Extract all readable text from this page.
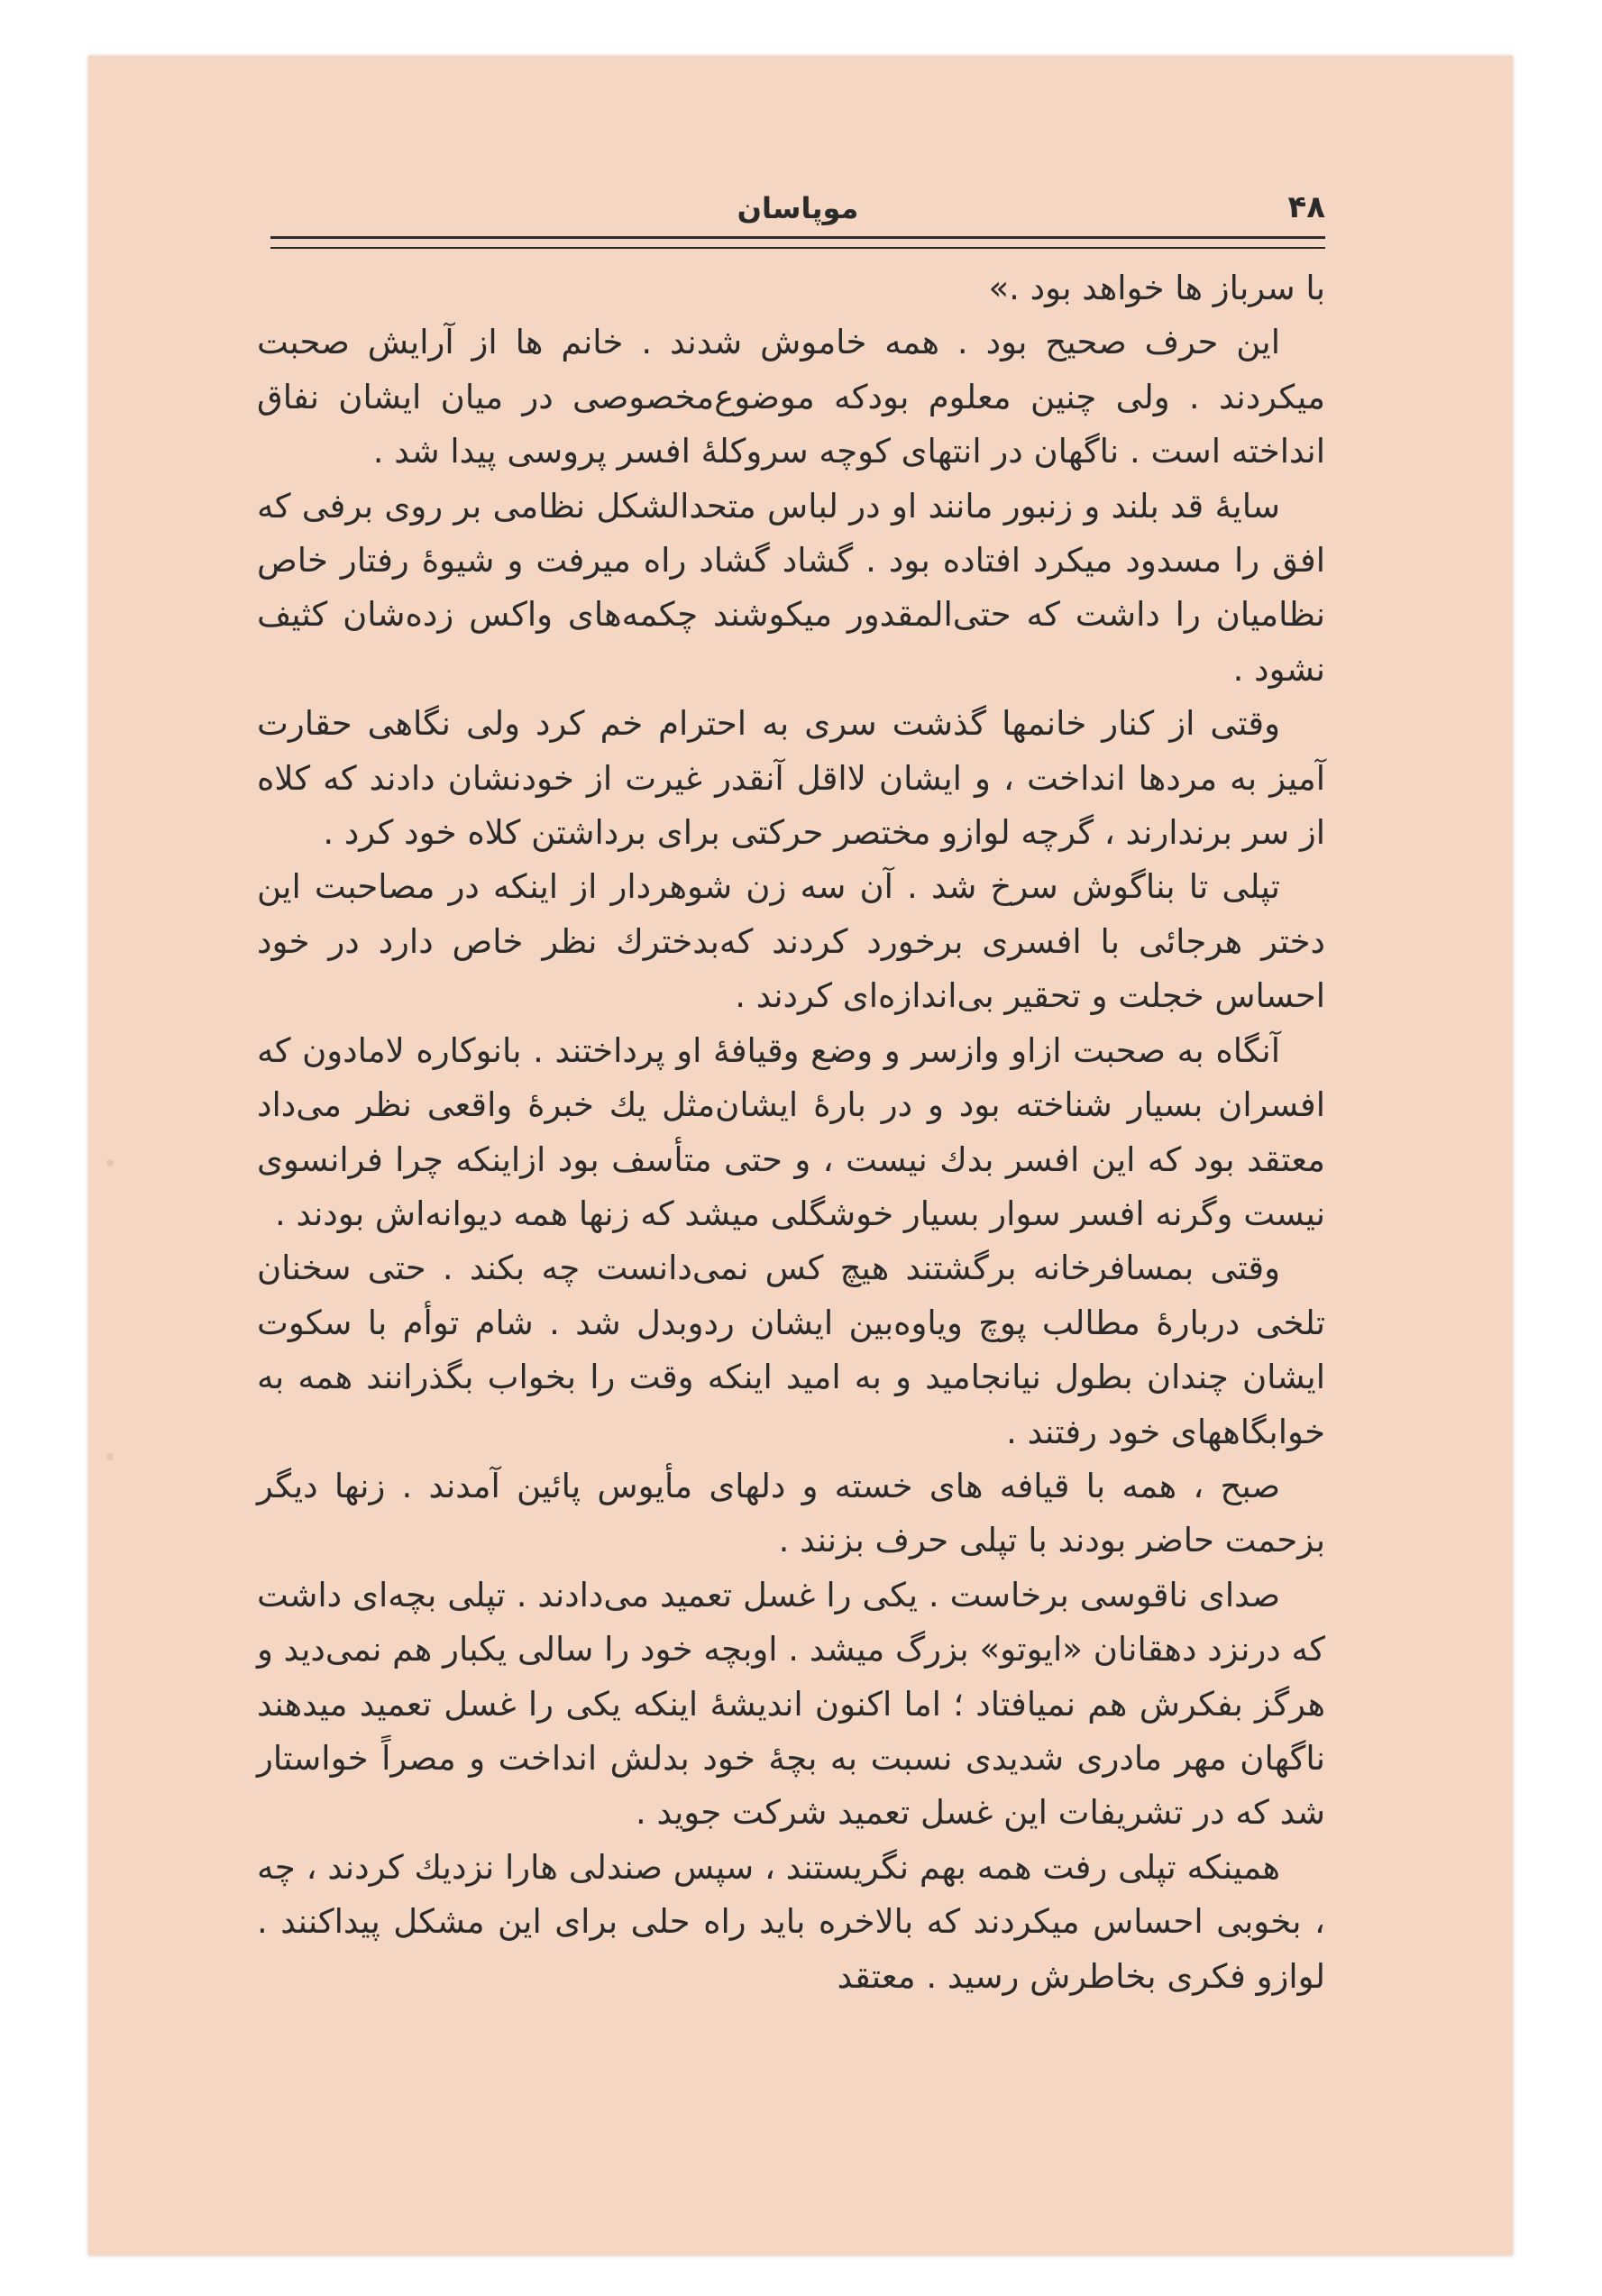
۴۸
موپاسان

با سرباز ها خواهد بود .»

این حرف صحیح بود . همه خاموش شدند . خانم ها از آرایش صحبت میکردند . ولی چنین معلوم بودکه موضوع‌مخصوصی در میان ایشان نفاق انداخته است . ناگهان در انتهای کوچه سروکلهٔ افسر پروسی پیدا شد .

سایهٔ قد بلند و زنبور مانند او در لباس متحدالشکل نظامی بر روی برفی که افق را مسدود میکرد افتاده بود . گشاد گشاد راه میرفت و شیوهٔ رفتار خاص نظامیان را داشت که حتی‌المقدور میکوشند چکمه‌های واکس زده‌شان کثیف نشود .

وقتی از کنار خانمها گذشت سری به احترام خم کرد ولی نگاهی حقارت آمیز به مردها انداخت ، و ایشان لااقل آنقدر غیرت از خودنشان دادند که کلاه از سر برندارند ، گرچه لوازو مختصر حرکتی برای برداشتن کلاه خود کرد .

تپلی تا بناگوش سرخ شد . آن سه زن شوهردار از اینکه در مصاحبت این دختر هرجائی با افسری برخورد کردند که‌بدخترك نظر خاص دارد در خود احساس خجلت و تحقیر بی‌اندازه‌ای کردند .

آنگاه به صحبت ازاو وازسر و وضع وقیافهٔ او پرداختند . بانوکاره لامادون که افسران بسیار شناخته بود و در بارهٔ ایشان‌مثل یك خبرهٔ واقعی نظر می‌داد معتقد بود که این افسر بدك نیست ، و حتی متأسف بود ازاینکه چرا فرانسوی نیست وگرنه افسر سوار بسیار خوشگلی میشد که زنها همه دیوانه‌اش بودند .

وقتی بمسافرخانه برگشتند هیچ کس نمی‌دانست چه بکند . حتی سخنان تلخی دربارهٔ مطالب پوچ ویاوه‌بین ایشان ردوبدل شد . شام توأم با سکوت ایشان چندان بطول نیانجامید و به امید اینکه وقت را بخواب بگذرانند همه به خوابگاههای خود رفتند .

صبح ، همه با قیافه های خسته و دلهای مأیوس پائین آمدند . زنها دیگر بزحمت حاضر بودند با تپلی حرف بزنند .

صدای ناقوسی برخاست . یکی را غسل تعمید می‌دادند . تپلی بچه‌ای داشت که درنزد دهقانان «ایوتو» بزرگ میشد . اوبچه خود را سالی یکبار هم نمی‌دید و هرگز بفکرش هم نمیافتاد ؛ اما اکنون اندیشهٔ اینکه یکی را غسل تعمید میدهند ناگهان مهر مادری شدیدی نسبت به بچهٔ خود بدلش انداخت و مصراً خواستار شد که در تشریفات این غسل تعمید شرکت جوید .

همینکه تپلی رفت همه بهم نگریستند ، سپس صندلی هارا نزدیك کردند ، چه ، بخوبی احساس میکردند که بالاخره باید راه حلی برای این مشکل پیداکنند . لوازو فکری بخاطرش رسید . معتقد
